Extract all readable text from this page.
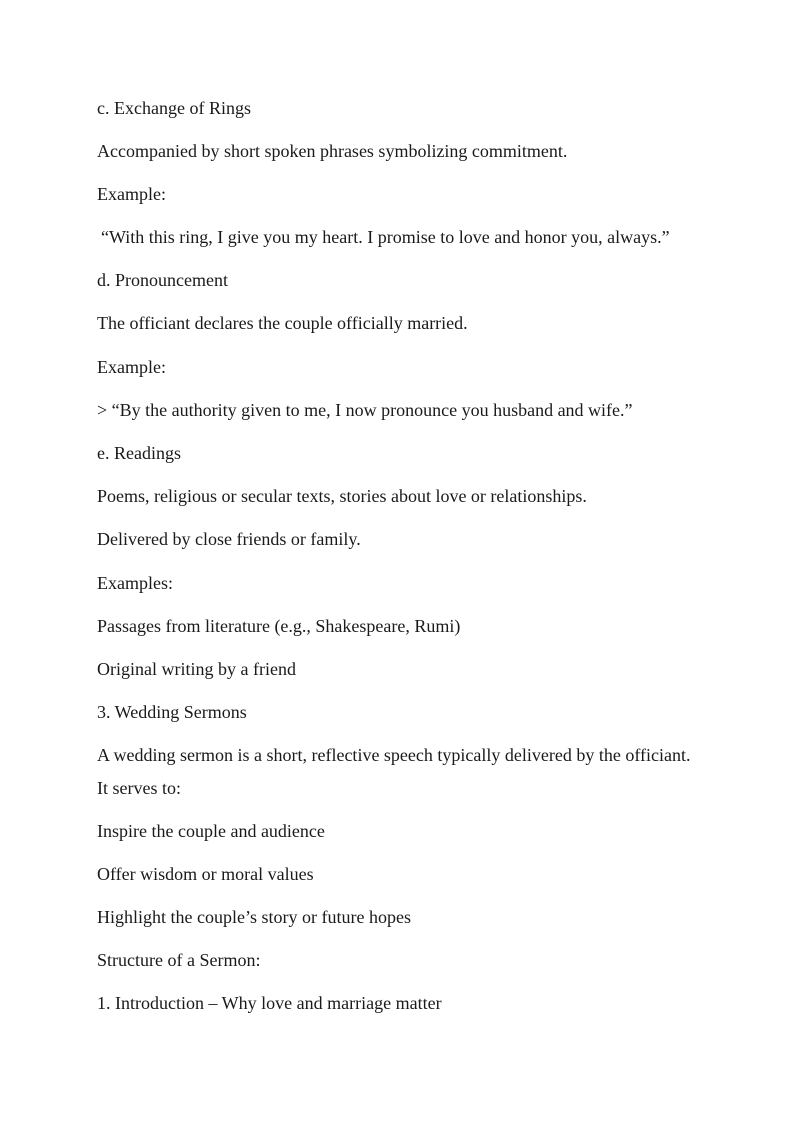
c. Exchange of Rings

Accompanied by short spoken phrases symbolizing commitment.

Example:

“With this ring, I give you my heart. I promise to love and honor you, always.”

d. Pronouncement

The officiant declares the couple officially married.

Example:

> “By the authority given to me, I now pronounce you husband and wife.”

e. Readings

Poems, religious or secular texts, stories about love or relationships.

Delivered by close friends or family.

Examples:

Passages from literature (e.g., Shakespeare, Rumi)

Original writing by a friend

3. Wedding Sermons

A wedding sermon is a short, reflective speech typically delivered by the officiant.

It serves to:

Inspire the couple and audience

Offer wisdom or moral values

Highlight the couple’s story or future hopes

Structure of a Sermon:

1. Introduction – Why love and marriage matter
